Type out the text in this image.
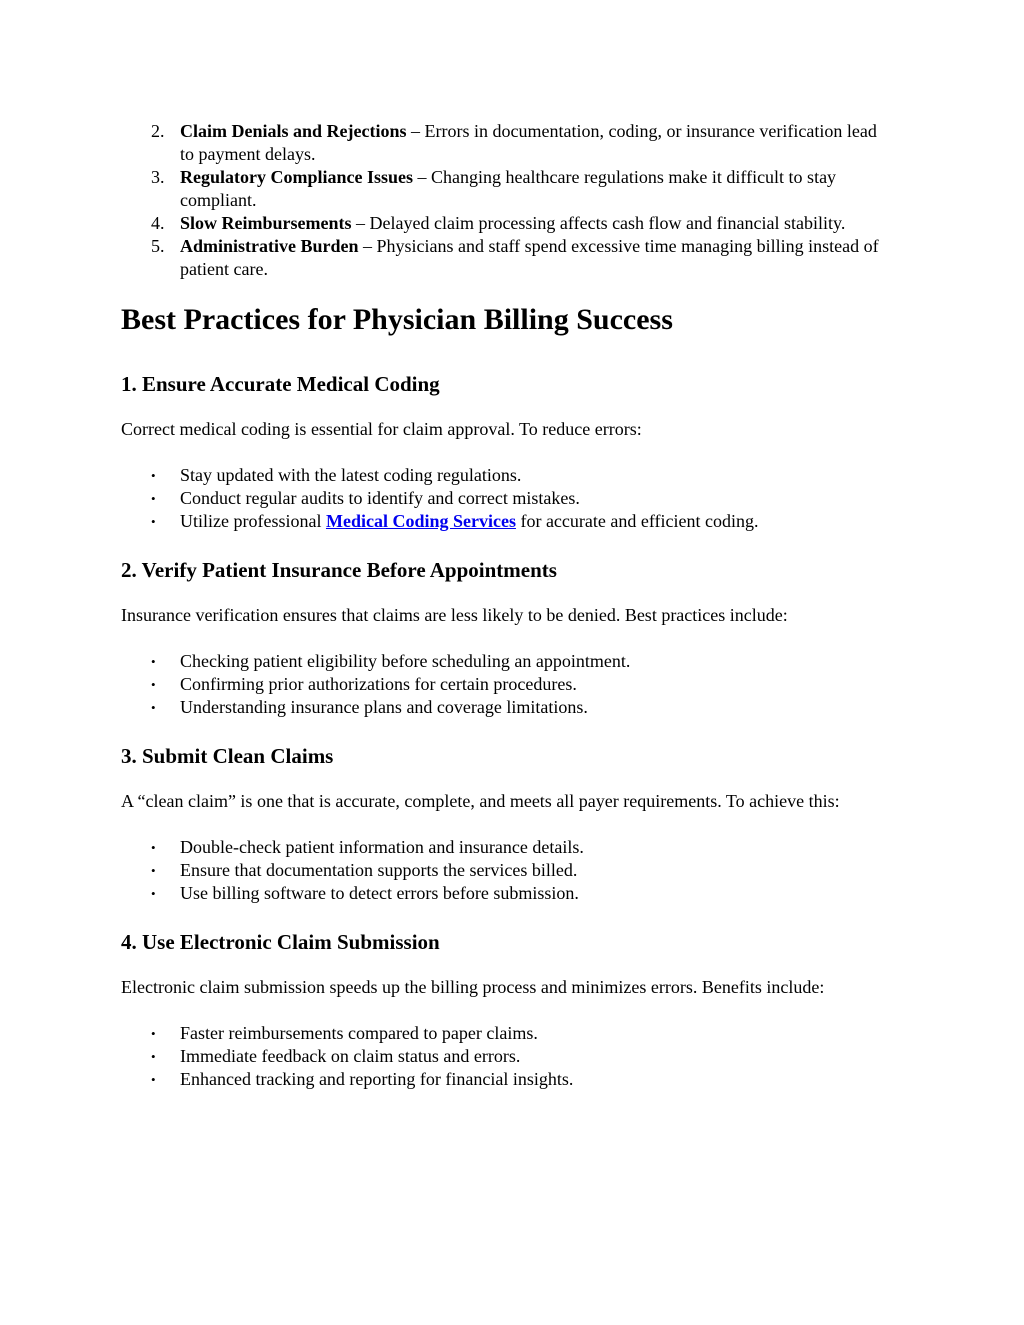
2. Claim Denials and Rejections – Errors in documentation, coding, or insurance verification lead to payment delays.
3. Regulatory Compliance Issues – Changing healthcare regulations make it difficult to stay compliant.
4. Slow Reimbursements – Delayed claim processing affects cash flow and financial stability.
5. Administrative Burden – Physicians and staff spend excessive time managing billing instead of patient care.
Best Practices for Physician Billing Success
1. Ensure Accurate Medical Coding

Correct medical coding is essential for claim approval. To reduce errors:

• Stay updated with the latest coding regulations.
• Conduct regular audits to identify and correct mistakes.
• Utilize professional Medical Coding Services for accurate and efficient coding.
2. Verify Patient Insurance Before Appointments

Insurance verification ensures that claims are less likely to be denied. Best practices include:

• Checking patient eligibility before scheduling an appointment.
• Confirming prior authorizations for certain procedures.
• Understanding insurance plans and coverage limitations.
3. Submit Clean Claims

A “clean claim” is one that is accurate, complete, and meets all payer requirements. To achieve this:

• Double-check patient information and insurance details.
• Ensure that documentation supports the services billed.
• Use billing software to detect errors before submission.
4. Use Electronic Claim Submission

Electronic claim submission speeds up the billing process and minimizes errors. Benefits include:

• Faster reimbursements compared to paper claims.
• Immediate feedback on claim status and errors.
• Enhanced tracking and reporting for financial insights.
